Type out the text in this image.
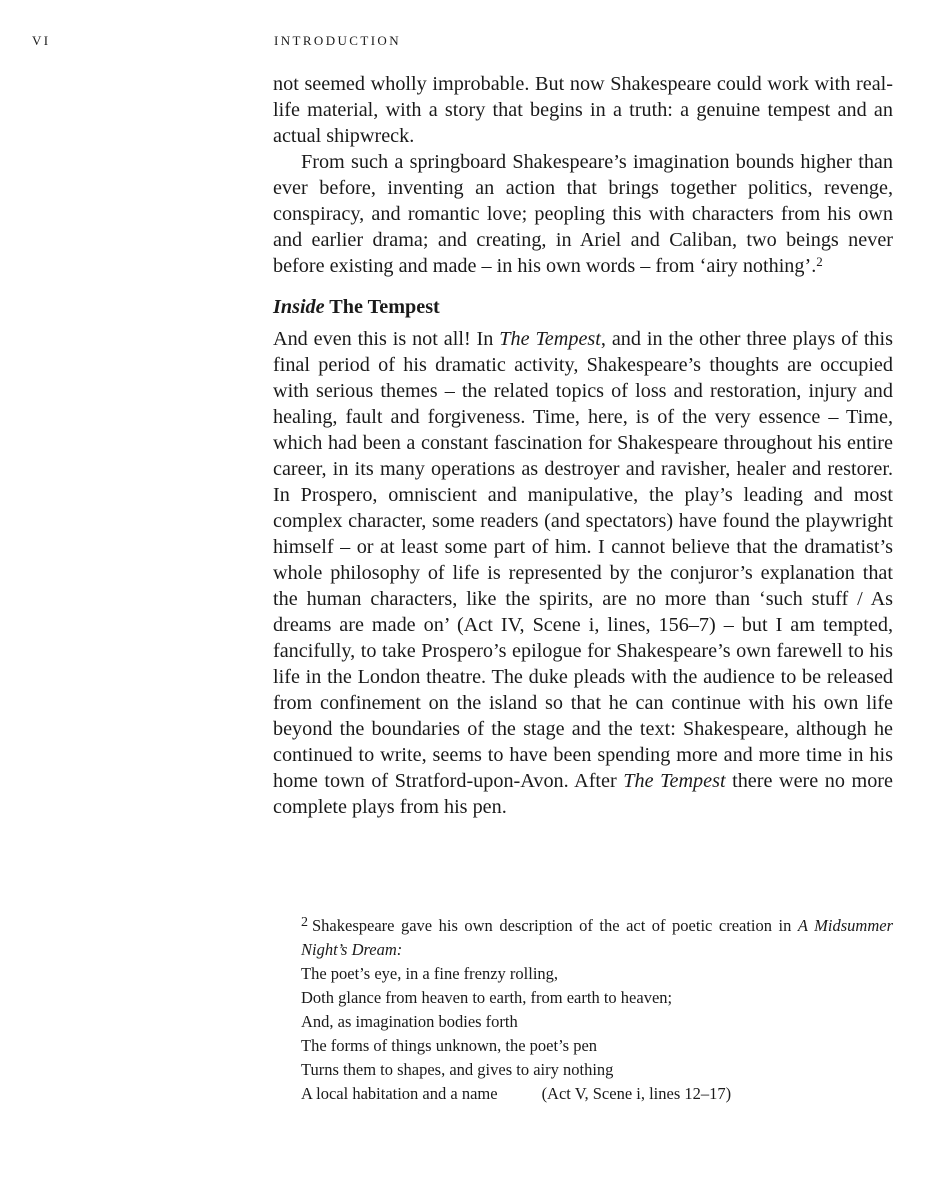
VI	INTRODUCTION

not seemed wholly improbable. But now Shakespeare could work with real-life material, with a story that begins in a truth: a genuine tempest and an actual shipwreck.

From such a springboard Shakespeare’s imagination bounds higher than ever before, inventing an action that brings together politics, revenge, conspiracy, and romantic love; peopling this with characters from his own and earlier drama; and creating, in Ariel and Caliban, two beings never before existing and made – in his own words – from ‘airy nothing’.$^2$

Inside The Tempest

And even this is not all! In The Tempest, and in the other three plays of this final period of his dramatic activity, Shakespeare’s thoughts are occupied with serious themes – the related topics of loss and restoration, injury and healing, fault and forgiveness. Time, here, is of the very essence – Time, which had been a constant fascination for Shakespeare throughout his entire career, in its many operations as destroyer and ravisher, healer and restorer. In Prospero, omniscient and manipulative, the play’s leading and most complex character, some readers (and spectators) have found the playwright himself – or at least some part of him. I cannot believe that the dramatist’s whole philosophy of life is represented by the conjuror’s explanation that the human characters, like the spirits, are no more than ‘such stuff / As dreams are made on’ (Act IV, Scene i, lines, 156–7) – but I am tempted, fancifully, to take Prospero’s epilogue for Shakespeare’s own farewell to his life in the London theatre. The duke pleads with the audience to be released from confinement on the island so that he can continue with his own life beyond the boundaries of the stage and the text: Shakespeare, although he continued to write, seems to have been spending more and more time in his home town of Stratford-upon-Avon. After The Tempest there were no more complete plays from his pen.

$^2$ Shakespeare gave his own description of the act of poetic creation in A Midsummer Night’s Dream:
The poet’s eye, in a fine frenzy rolling,
Doth glance from heaven to earth, from earth to heaven;
And, as imagination bodies forth
The forms of things unknown, the poet’s pen
Turns them to shapes, and gives to airy nothing
A local habitation and a name	(Act V, Scene i, lines 12–17)
